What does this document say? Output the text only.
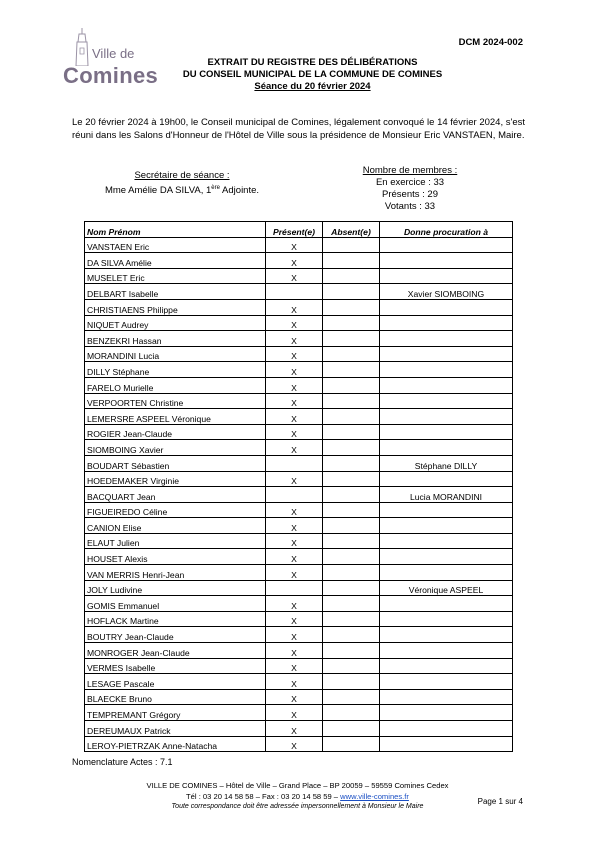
Ville de
Comines
DCM 2024-002
EXTRAIT DU REGISTRE DES DÉLIBÉRATIONS
DU CONSEIL MUNICIPAL DE LA COMMUNE DE COMINES
Séance du 20 février 2024
Le 20 février 2024 à 19h00, le Conseil municipal de Comines, légalement convoqué le 14 février 2024, s'est réuni dans les Salons d'Honneur de l'Hôtel de Ville sous la présidence de Monsieur Eric VANSTAEN, Maire.
Secrétaire de séance :
Mme Amélie DA SILVA, 1ère Adjointe.
Nombre de membres :
En exercice : 33
Présents : 29
Votants : 33
Nom Prénom	Présent(e)	Absent(e)	Donne procuration à
VANSTAEN Eric	X		
DA SILVA Amélie	X		
MUSELET Eric	X		
DELBART Isabelle			Xavier SIOMBOING
CHRISTIAENS Philippe	X		
NIQUET Audrey	X		
BENZEKRI Hassan	X		
MORANDINI Lucia	X		
DILLY Stéphane	X		
FARELO Murielle	X		
VERPOORTEN Christine	X		
LEMERSRE ASPEEL Véronique	X		
ROGIER Jean-Claude	X		
SIOMBOING Xavier	X		
BOUDART Sébastien			Stéphane DILLY
HOEDEMAKER Virginie	X		
BACQUART Jean			Lucia MORANDINI
FIGUEIREDO Céline	X		
CANION Elise	X		
ELAUT Julien	X		
HOUSET Alexis	X		
VAN MERRIS Henri-Jean	X		
JOLY Ludivine			Véronique ASPEEL
GOMIS Emmanuel	X		
HOFLACK Martine	X		
BOUTRY Jean-Claude	X		
MONROGER Jean-Claude	X		
VERMES Isabelle	X		
LESAGE Pascale	X		
BLAECKE Bruno	X		
TEMPREMANT Grégory	X		
DEREUMAUX Patrick	X		
LEROY-PIETRZAK Anne-Natacha	X		
Nomenclature Actes : 7.1
VILLE DE COMINES – Hôtel de Ville – Grand Place – BP 20059 – 59559 Comines Cedex
Tél : 03 20 14 58 58 – Fax : 03 20 14 58 59 – www.ville-comines.fr
Toute correspondance doit être adressée impersonnellement à Monsieur le Maire
Page 1 sur 4
